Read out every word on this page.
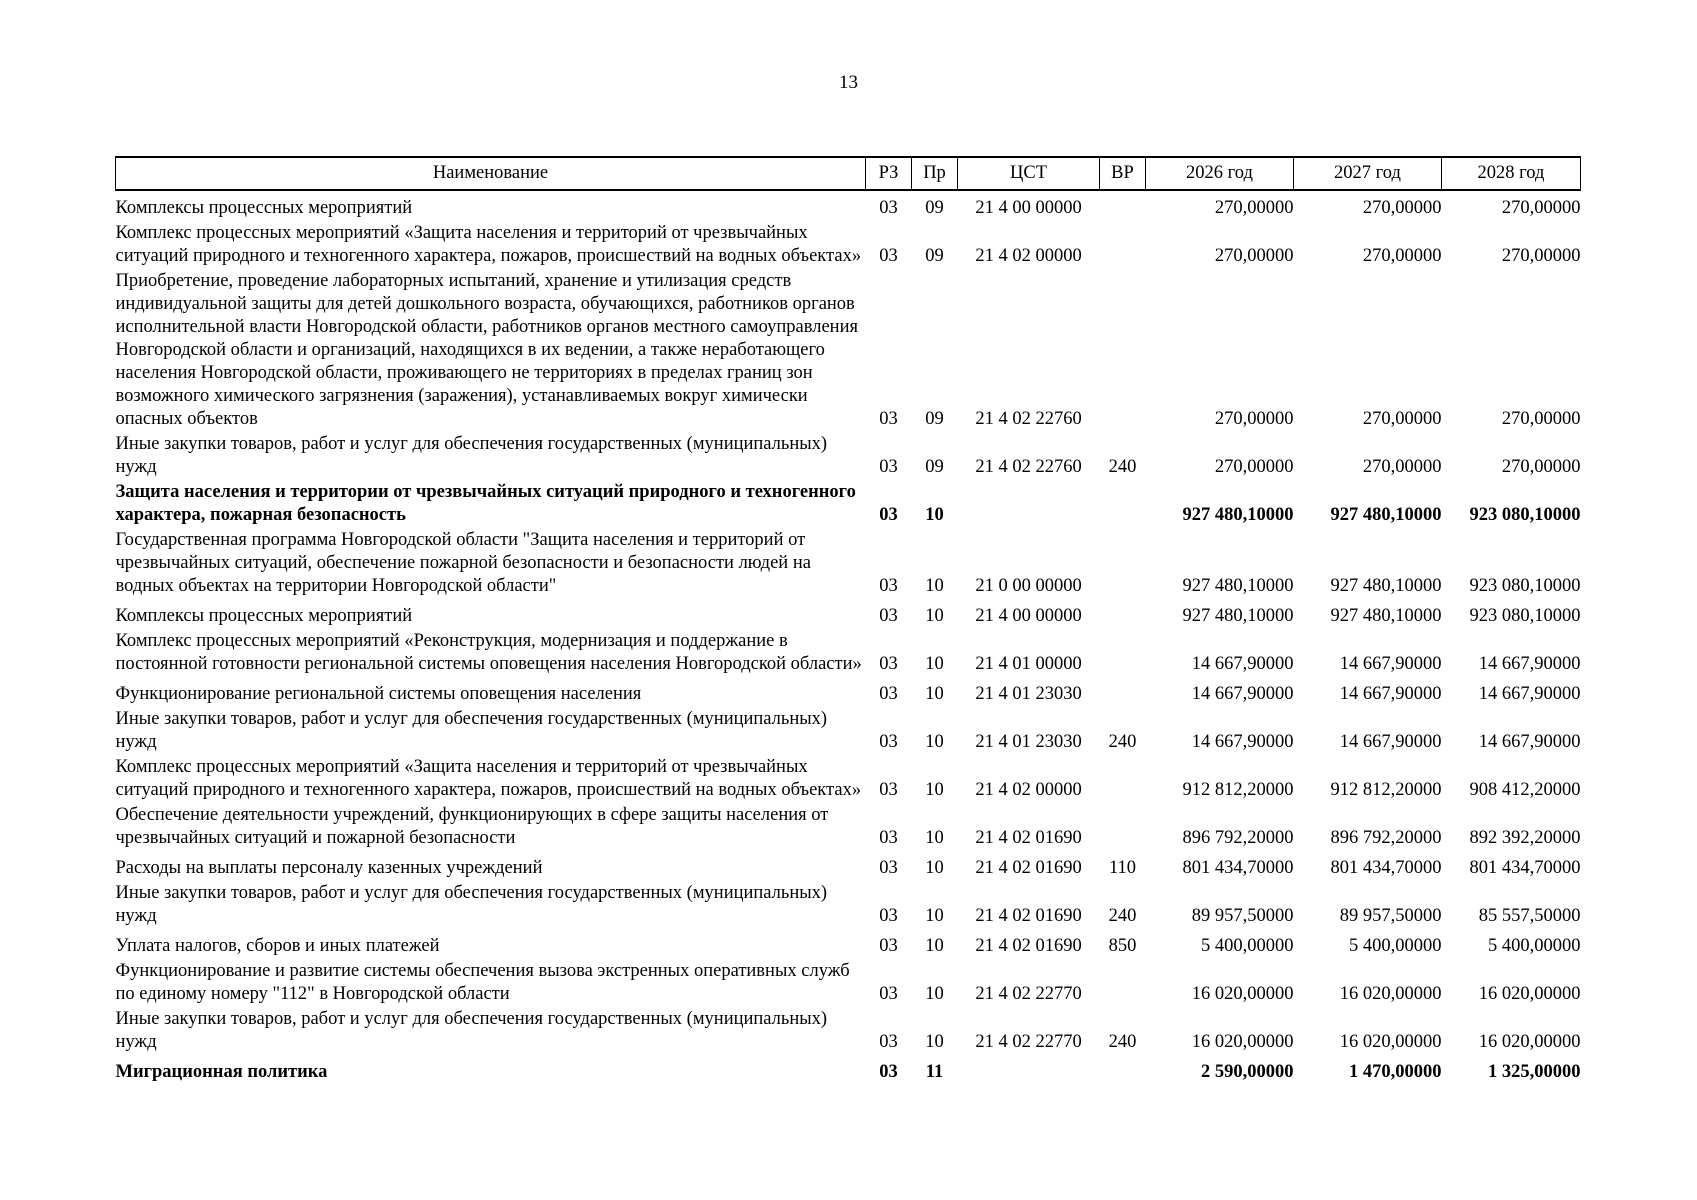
13
Наименование	РЗ	Пр	ЦСТ	ВР	2026 год	2027 год	2028 год
Комплексы процессных мероприятий	03	09	21 4 00 00000		270,00000	270,00000	270,00000
Комплекс процессных мероприятий «Защита населения и территорий от чрезвычайных ситуаций природного и техногенного характера, пожаров, происшествий на водных объектах»	03	09	21 4 02 00000		270,00000	270,00000	270,00000
Приобретение, проведение лабораторных испытаний, хранение и утилизация средств индивидуальной защиты для детей дошкольного возраста, обучающихся, работников органов исполнительной власти Новгородской области, работников органов местного самоуправления Новгородской области и организаций, находящихся в их ведении, а также неработающего населения Новгородской области, проживающего не территориях в пределах границ зон возможного химического загрязнения (заражения), устанавливаемых вокруг химически опасных объектов	03	09	21 4 02 22760		270,00000	270,00000	270,00000
Иные закупки товаров, работ и услуг для обеспечения государственных (муниципальных) нужд	03	09	21 4 02 22760	240	270,00000	270,00000	270,00000
Защита населения и территории от чрезвычайных ситуаций природного и техногенного характера, пожарная безопасность	03	10			927 480,10000	927 480,10000	923 080,10000
Государственная программа Новгородской области "Защита населения и территорий от чрезвычайных ситуаций, обеспечение пожарной безопасности и безопасности людей на водных объектах на территории Новгородской области"	03	10	21 0 00 00000		927 480,10000	927 480,10000	923 080,10000
Комплексы процессных мероприятий	03	10	21 4 00 00000		927 480,10000	927 480,10000	923 080,10000
Комплекс процессных мероприятий «Реконструкция, модернизация и поддержание в постоянной готовности региональной системы оповещения населения Новгородской области»	03	10	21 4 01 00000		14 667,90000	14 667,90000	14 667,90000
Функционирование региональной системы оповещения населения	03	10	21 4 01 23030		14 667,90000	14 667,90000	14 667,90000
Иные закупки товаров, работ и услуг для обеспечения государственных (муниципальных) нужд	03	10	21 4 01 23030	240	14 667,90000	14 667,90000	14 667,90000
Комплекс процессных мероприятий «Защита населения и территорий от чрезвычайных ситуаций природного и техногенного характера, пожаров, происшествий на водных объектах»	03	10	21 4 02 00000		912 812,20000	912 812,20000	908 412,20000
Обеспечение деятельности учреждений, функционирующих в сфере защиты населения от чрезвычайных ситуаций и пожарной безопасности	03	10	21 4 02 01690		896 792,20000	896 792,20000	892 392,20000
Расходы на выплаты персоналу казенных учреждений	03	10	21 4 02 01690	110	801 434,70000	801 434,70000	801 434,70000
Иные закупки товаров, работ и услуг для обеспечения государственных (муниципальных) нужд	03	10	21 4 02 01690	240	89 957,50000	89 957,50000	85 557,50000
Уплата налогов, сборов и иных платежей	03	10	21 4 02 01690	850	5 400,00000	5 400,00000	5 400,00000
Функционирование и развитие системы обеспечения вызова экстренных оперативных служб по единому номеру "112" в Новгородской области	03	10	21 4 02 22770		16 020,00000	16 020,00000	16 020,00000
Иные закупки товаров, работ и услуг для обеспечения государственных (муниципальных) нужд	03	10	21 4 02 22770	240	16 020,00000	16 020,00000	16 020,00000
Миграционная политика	03	11			2 590,00000	1 470,00000	1 325,00000
